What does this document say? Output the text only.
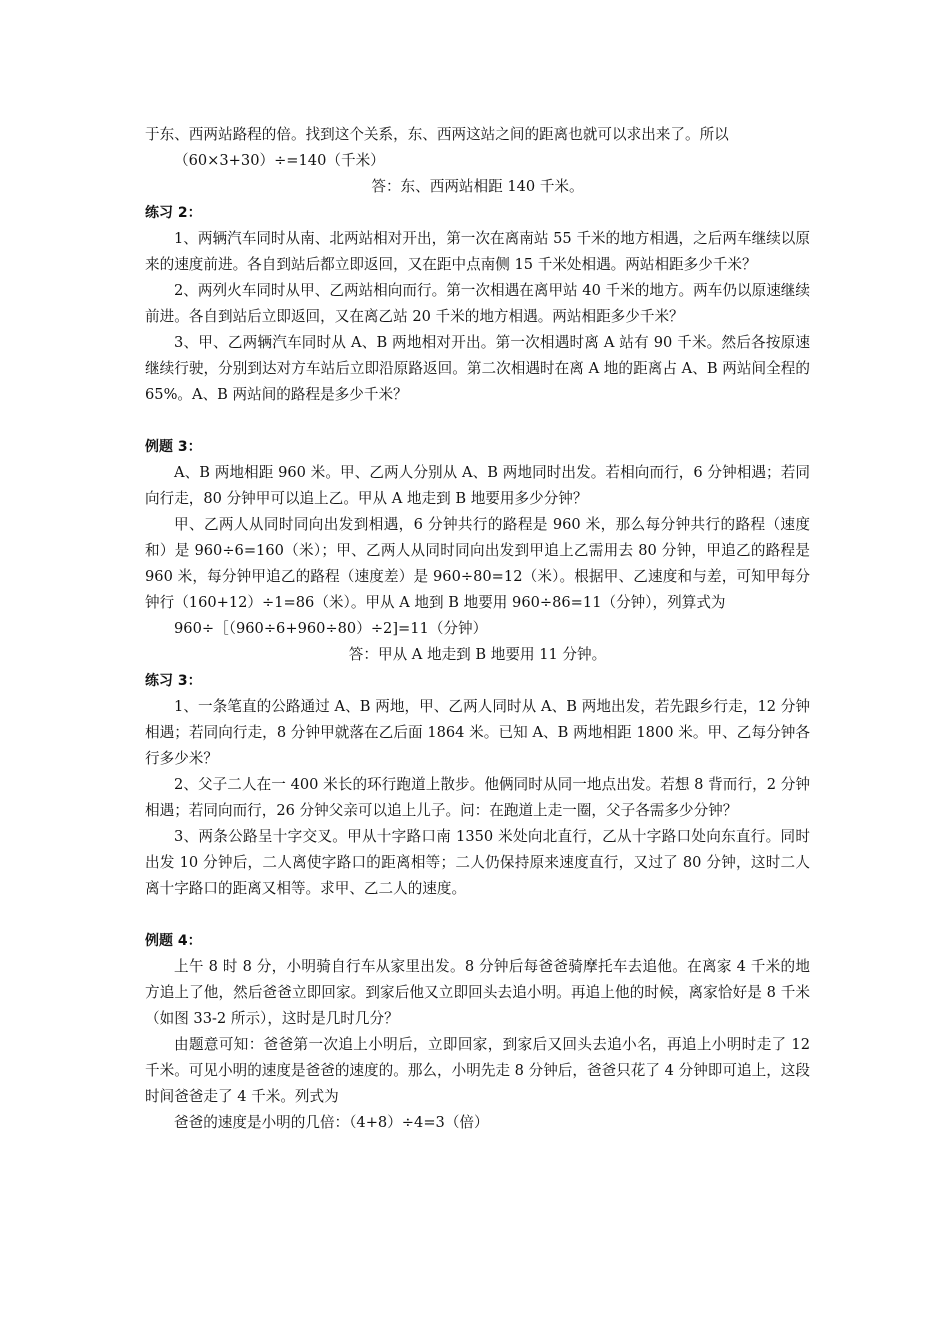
于东、西两站路程的倍。找到这个关系，东、西两这站之间的距离也就可以求出来了。所以

（60×3+30）÷=140（千米）

答：东、西两站相距 140 千米。

练习 2：

1、两辆汽车同时从南、北两站相对开出，第一次在离南站 55 千米的地方相遇，之后两车继续以原来的速度前进。各自到站后都立即返回，又在距中点南侧 15 千米处相遇。两站相距多少千米？

2、两列火车同时从甲、乙两站相向而行。第一次相遇在离甲站 40 千米的地方。两车仍以原速继续前进。各自到站后立即返回，又在离乙站 20 千米的地方相遇。两站相距多少千米？

3、甲、乙两辆汽车同时从 A、B 两地相对开出。第一次相遇时离 A 站有 90 千米。然后各按原速继续行驶，分别到达对方车站后立即沿原路返回。第二次相遇时在离 A 地的距离占 A、B 两站间全程的 65%。A、B 两站间的路程是多少千米？

例题 3：

A、B 两地相距 960 米。甲、乙两人分别从 A、B 两地同时出发。若相向而行，6 分钟相遇；若同向行走，80 分钟甲可以追上乙。甲从 A 地走到 B 地要用多少分钟？

甲、乙两人从同时同向出发到相遇，6 分钟共行的路程是 960 米，那么每分钟共行的路程（速度和）是 960÷6=160（米）；甲、乙两人从同时同向出发到甲追上乙需用去 80 分钟，甲追乙的路程是 960 米，每分钟甲追乙的路程（速度差）是 960÷80=12（米）。根据甲、乙速度和与差，可知甲每分钟行（160+12）÷1=86（米）。甲从 A 地到 B 地要用 960÷86=11（分钟），列算式为

960÷［（960÷6+960÷80）÷2]=11（分钟）

答：甲从 A 地走到 B 地要用 11 分钟。

练习 3：

1、一条笔直的公路通过 A、B 两地，甲、乙两人同时从 A、B 两地出发，若先跟乡行走，12 分钟相遇；若同向行走，8 分钟甲就落在乙后面 1864 米。已知 A、B 两地相距 1800 米。甲、乙每分钟各行多少米？

2、父子二人在一 400 米长的环行跑道上散步。他俩同时从同一地点出发。若想 8 背而行，2 分钟相遇；若同向而行，26 分钟父亲可以追上儿子。问：在跑道上走一圈，父子各需多少分钟？

3、两条公路呈十字交叉。甲从十字路口南 1350 米处向北直行，乙从十字路口处向东直行。同时出发 10 分钟后，二人离使字路口的距离相等；二人仍保持原来速度直行，又过了 80 分钟，这时二人离十字路口的距离又相等。求甲、乙二人的速度。

例题 4：

上午 8 时 8 分，小明骑自行车从家里出发。8 分钟后每爸爸骑摩托车去追他。在离家 4 千米的地方追上了他，然后爸爸立即回家。到家后他又立即回头去追小明。再追上他的时候，离家恰好是 8 千米（如图 33-2 所示），这时是几时几分？

由题意可知：爸爸第一次追上小明后，立即回家，到家后又回头去追小名，再追上小明时走了 12 千米。可见小明的速度是爸爸的速度的。那么，小明先走 8 分钟后，爸爸只花了 4 分钟即可追上，这段时间爸爸走了 4 千米。列式为

爸爸的速度是小明的几倍：（4+8）÷4=3（倍）
